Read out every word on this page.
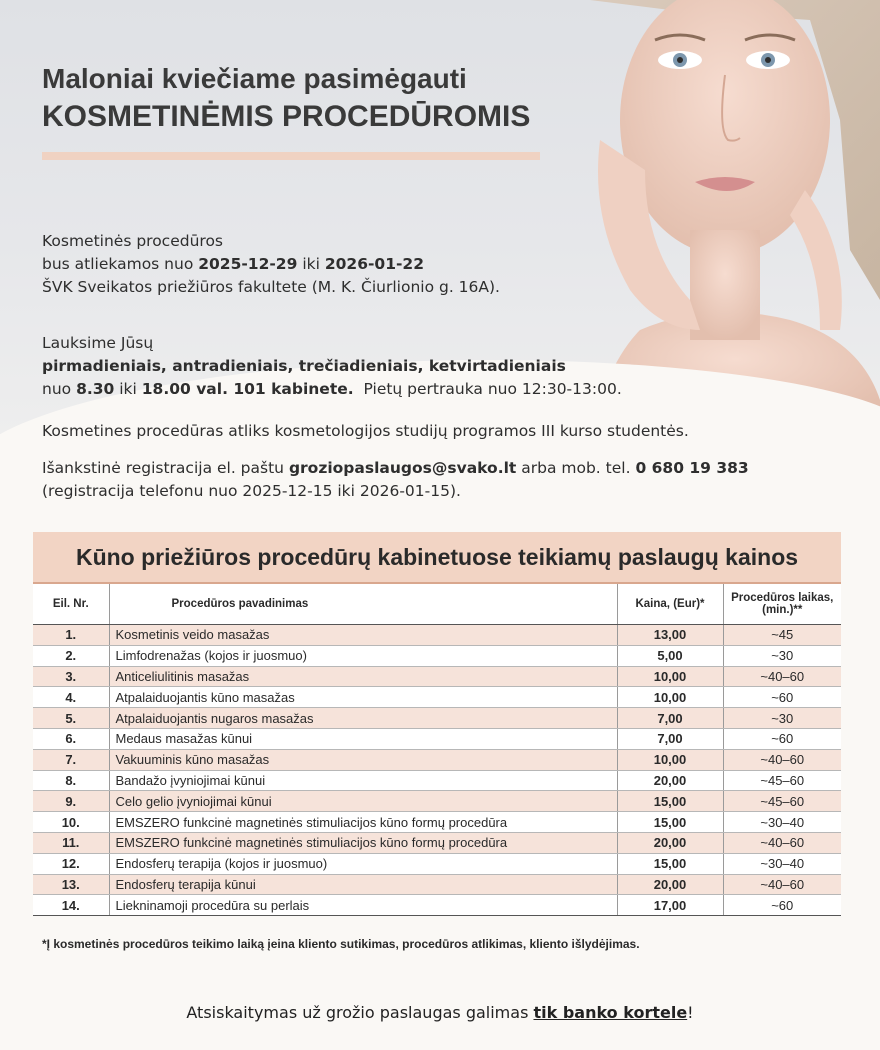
Maloniai kviečiame pasimėgauti
KOSMETINĖMIS PROCEDŪROMIS
Kosmetinės procedūros
bus atliekamos nuo 2025-12-29 iki 2026-01-22
ŠVK Sveikatos priežiūros fakultete (M. K. Čiurlionio g. 16A).
Lauksime Jūsų
pirmadieniais, antradieniais, trečiadieniais, ketvirtadieniais
nuo 8.30 iki 18.00 val. 101 kabinete. Pietų pertrauka nuo 12:30-13:00.
Kosmetines procedūras atliks kosmetologijos studijų programos III kurso studentės.
Išankstinė registracija el. paštu groziopaslaugos@svako.lt arba mob. tel. 0 680 19 383
(registracija telefonu nuo 2025-12-15 iki 2026-01-15).
Kūno priežiūros procedūrų kabinetuose teikiamų paslaugų kainos
Eil. Nr.	Procedūros pavadinimas	Kaina, (Eur)*	Procedūros laikas, (min.)**
1.	Kosmetinis veido masažas	13,00	~45
2.	Limfodrenažas (kojos ir juosmuo)	5,00	~30
3.	Anticeliulitinis masažas	10,00	~40–60
4.	Atpalaiduojantis kūno masažas	10,00	~60
5.	Atpalaiduojantis nugaros masažas	7,00	~30
6.	Medaus masažas kūnui	7,00	~60
7.	Vakuuminis kūno masažas	10,00	~40–60
8.	Bandažo įvyniojimai kūnui	20,00	~45–60
9.	Celo gelio įvyniojimai kūnui	15,00	~45–60
10.	EMSZERO funkcinė magnetinės stimuliacijos kūno formų procedūra	15,00	~30–40
11.	EMSZERO funkcinė magnetinės stimuliacijos kūno formų procedūra	20,00	~40–60
12.	Endosferų terapija (kojos ir juosmuo)	15,00	~30–40
13.	Endosferų terapija kūnui	20,00	~40–60
14.	Liekninamoji procedūra su perlais	17,00	~60
*Į kosmetinės procedūros teikimo laiką įeina kliento sutikimas, procedūros atlikimas, kliento išlydėjimas.
Atsiskaitymas už grožio paslaugas galimas tik banko kortele!
